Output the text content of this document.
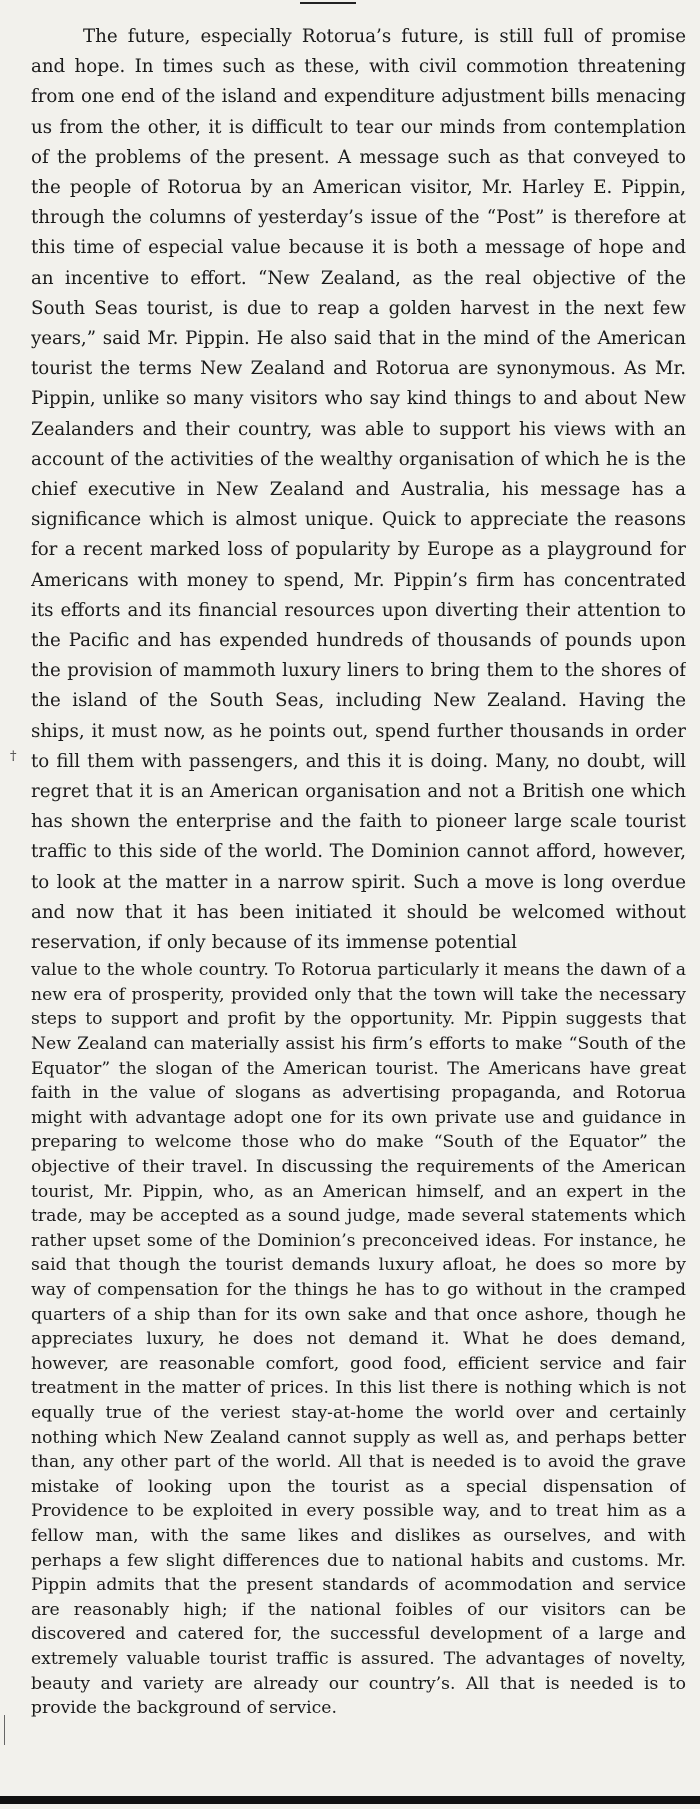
†

The future, especially Rotorua’s future, is still full of promise and hope. In times such as these, with civil commotion threatening from one end of the island and expenditure adjustment bills menacing us from the other, it is difficult to tear our minds from contemplation of the problems of the present. A message such as that conveyed to the people of Rotorua by an American visitor, Mr. Harley E. Pippin, through the columns of yesterday’s issue of the “Post” is therefore at this time of especial value because it is both a message of hope and an incentive to effort. “New Zealand, as the real objective of the South Seas tourist, is due to reap a golden harvest in the next few years,” said Mr. Pippin. He also said that in the mind of the American tourist the terms New Zealand and Rotorua are synonymous. As Mr. Pippin, unlike so many visitors who say kind things to and about New Zealanders and their country, was able to support his views with an account of the activities of the wealthy organisation of which he is the chief executive in New Zealand and Australia, his message has a significance which is almost unique. Quick to appreciate the reasons for a recent marked loss of popularity by Europe as a playground for Americans with money to spend, Mr. Pippin’s firm has concentrated its efforts and its financial resources upon diverting their attention to the Pacific and has expended hundreds of thousands of pounds upon the provision of mammoth luxury liners to bring them to the shores of the island of the South Seas, including New Zealand. Having the ships, it must now, as he points out, spend further thousands in order to fill them with passengers, and this it is doing. Many, no doubt, will regret that it is an American organisation and not a British one which has shown the enterprise and the faith to pioneer large scale tourist traffic to this side of the world. The Dominion cannot afford, however, to look at the matter in a narrow spirit. Such a move is long overdue and now that it has been initiated it should be welcomed without reservation, if only because of its immense potential

value to the whole country. To Rotorua particularly it means the dawn of a new era of prosperity, provided only that the town will take the necessary steps to support and profit by the opportunity. Mr. Pippin suggests that New Zealand can materially assist his firm’s efforts to make “South of the Equator” the slogan of the American tourist. The Americans have great faith in the value of slogans as advertising propaganda, and Rotorua might with advantage adopt one for its own private use and guidance in preparing to welcome those who do make “South of the Equator” the objective of their travel. In discussing the requirements of the American tourist, Mr. Pippin, who, as an American himself, and an expert in the trade, may be accepted as a sound judge, made several statements which rather upset some of the Dominion’s preconceived ideas. For instance, he said that though the tourist demands luxury afloat, he does so more by way of compensation for the things he has to go without in the cramped quarters of a ship than for its own sake and that once ashore, though he appreciates luxury, he does not demand it. What he does demand, however, are reasonable comfort, good food, efficient service and fair treatment in the matter of prices. In this list there is nothing which is not equally true of the veriest stay-at-home the world over and certainly nothing which New Zealand cannot supply as well as, and perhaps better than, any other part of the world. All that is needed is to avoid the grave mistake of looking upon the tourist as a special dispensation of Providence to be exploited in every possible way, and to treat him as a fellow man, with the same likes and dislikes as ourselves, and with perhaps a few slight differences due to national habits and customs. Mr. Pippin admits that the present standards of acommodation and service are reasonably high; if the national foibles of our visitors can be discovered and catered for, the successful development of a large and extremely valuable tourist traffic is assured. The advantages of novelty, beauty and variety are already our country’s. All that is needed is to provide the background of service.
